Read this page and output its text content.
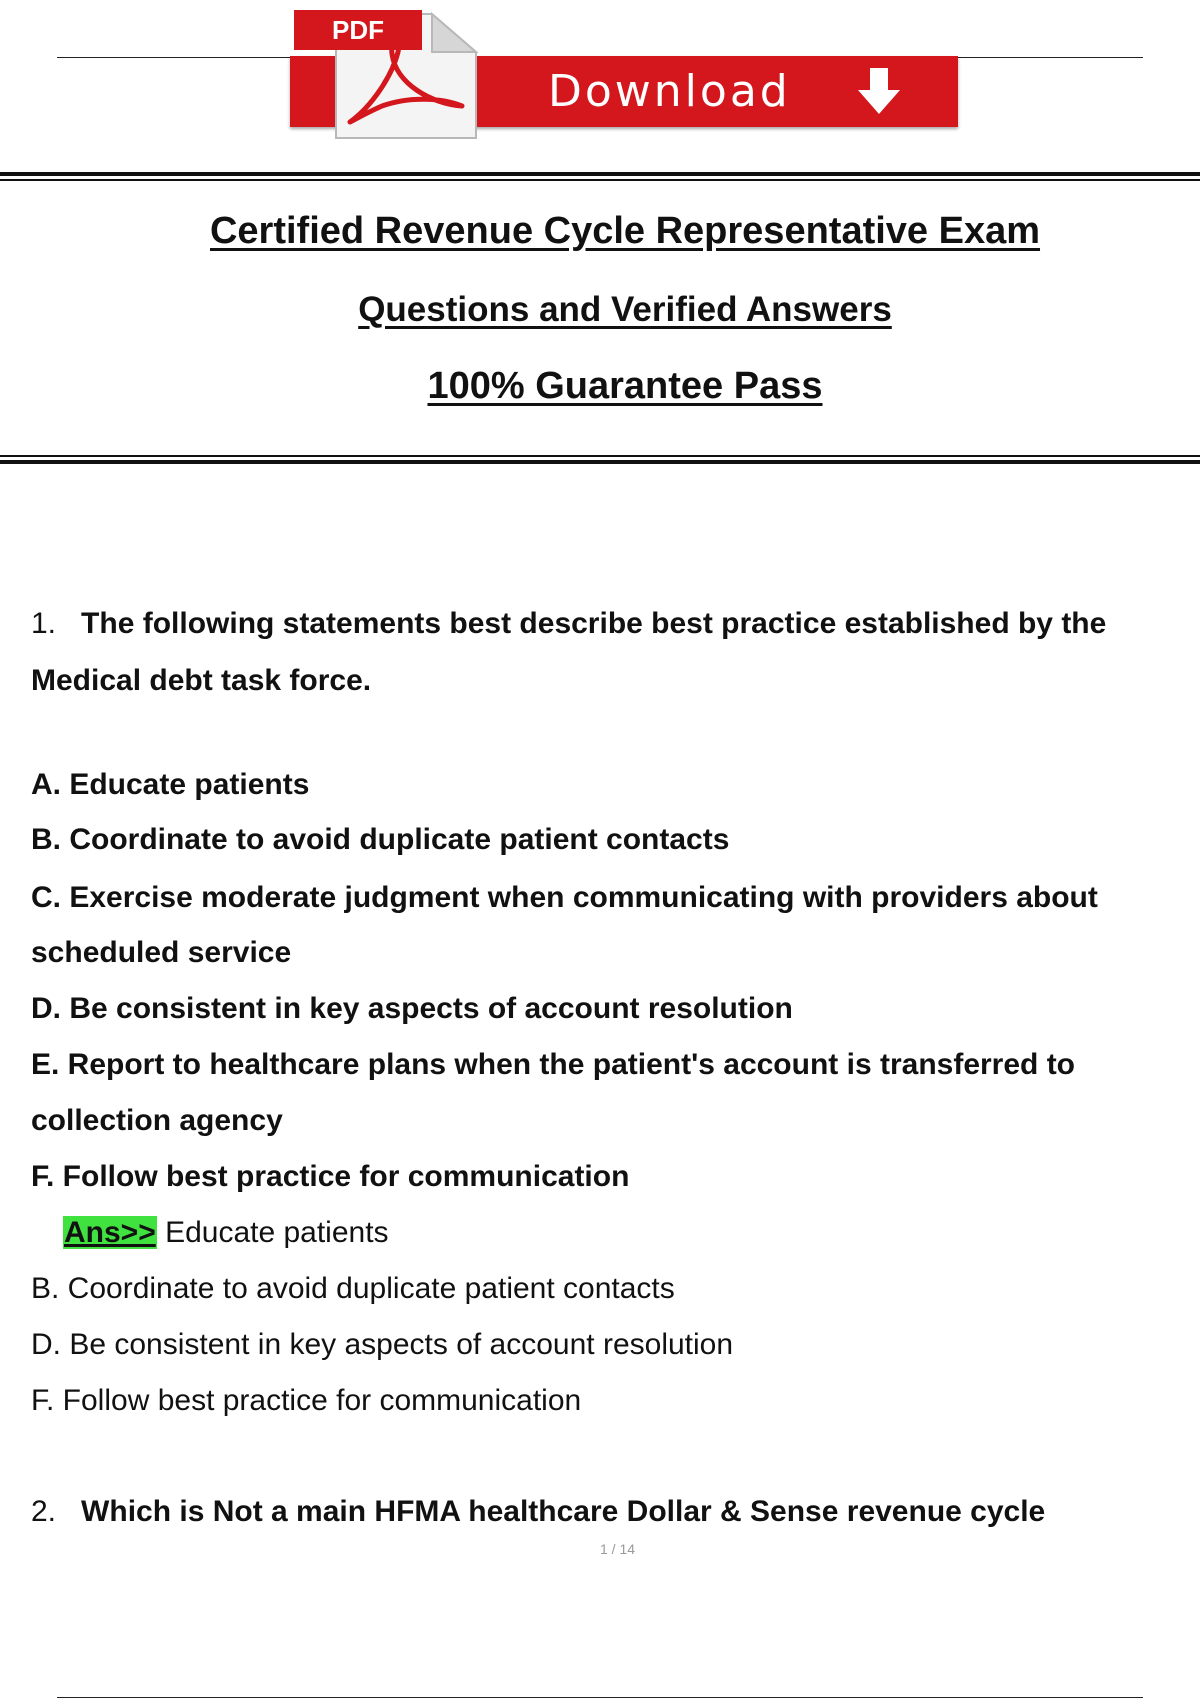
Download
PDF
Certified Revenue Cycle Representative Exam
Questions and Verified Answers
100% Guarantee Pass
1. The following statements best describe best practice established by the
Medical debt task force.
A. Educate patients
B. Coordinate to avoid duplicate patient contacts
C. Exercise moderate judgment when communicating with providers about
scheduled service
D. Be consistent in key aspects of account resolution
E. Report to healthcare plans when the patient's account is transferred to
collection agency
F. Follow best practice for communication
Ans>> Educate patients
B. Coordinate to avoid duplicate patient contacts
D. Be consistent in key aspects of account resolution
F. Follow best practice for communication
2. Which is Not a main HFMA healthcare Dollar & Sense revenue cycle
1 / 14
